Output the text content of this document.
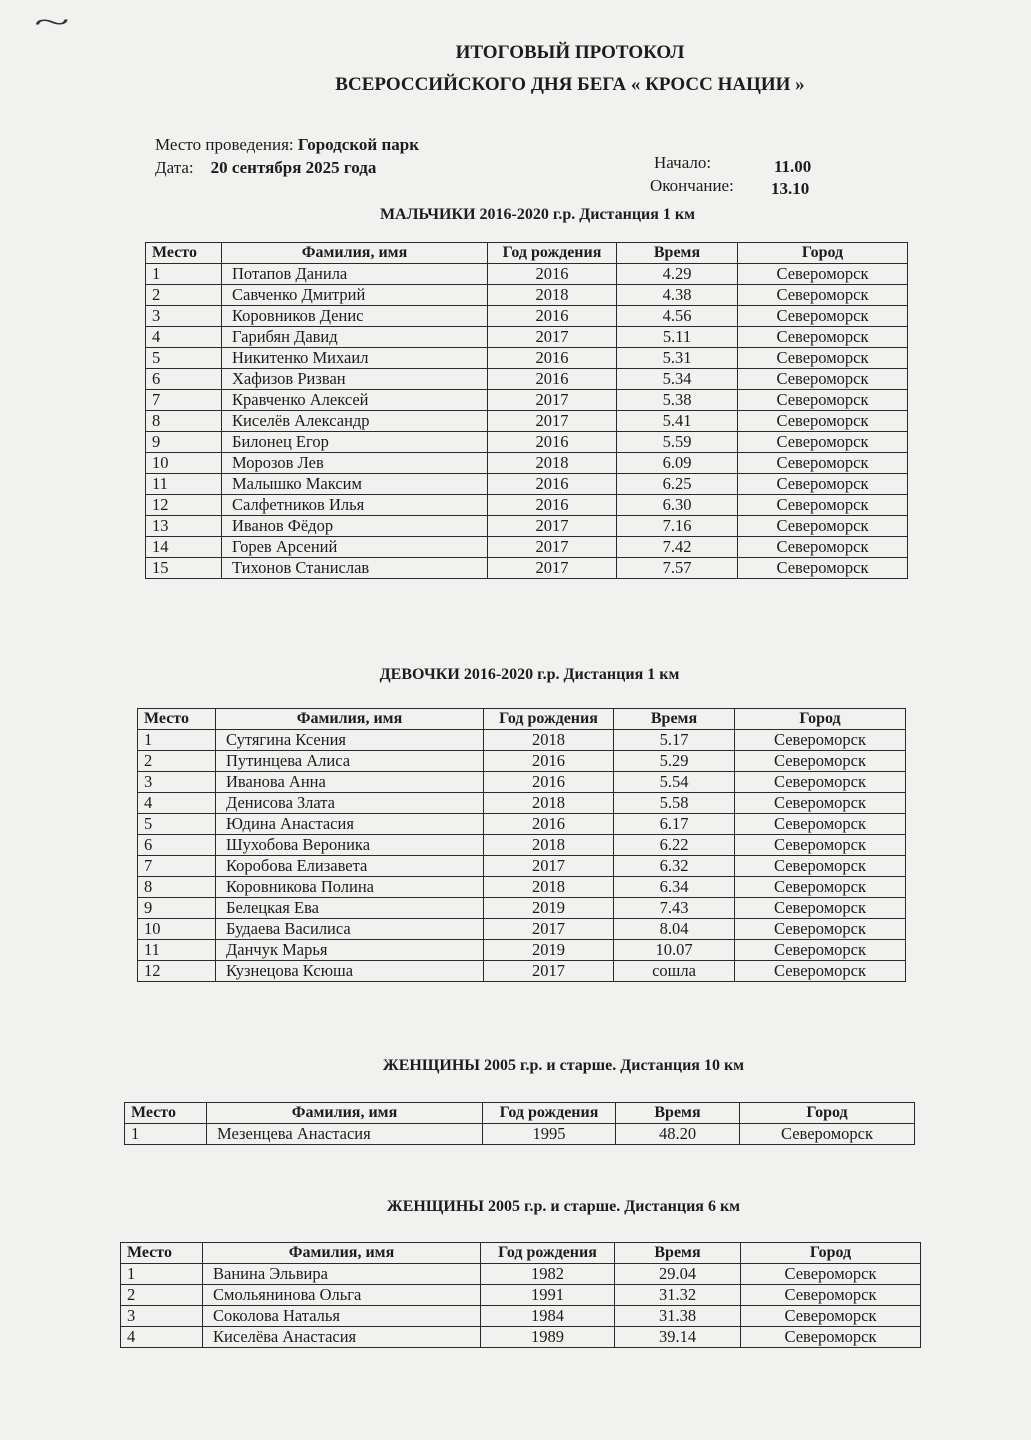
~
ИТОГОВЫЙ ПРОТОКОЛ
ВСЕРОССИЙСКОГО ДНЯ БЕГА « КРОСС НАЦИИ »
Место проведения: Городской парк
Дата: 20 сентября 2025 года	Начало:	11.00
Окончание: 13.10
МАЛЬЧИКИ 2016-2020 г.р. Дистанция 1 км
Место	Фамилия, имя	Год рождения	Время	Город
1	Потапов Данила	2016	4.29	Североморск
2	Савченко Дмитрий	2018	4.38	Североморск
3	Коровников Денис	2016	4.56	Североморск
4	Гарибян Давид	2017	5.11	Североморск
5	Никитенко Михаил	2016	5.31	Североморск
6	Хафизов Ризван	2016	5.34	Североморск
7	Кравченко Алексей	2017	5.38	Североморск
8	Киселёв Александр	2017	5.41	Североморск
9	Билонец Егор	2016	5.59	Североморск
10	Морозов Лев	2018	6.09	Североморск
11	Малышко Максим	2016	6.25	Североморск
12	Салфетников Илья	2016	6.30	Североморск
13	Иванов Фёдор	2017	7.16	Североморск
14	Горев Арсений	2017	7.42	Североморск
15	Тихонов Станислав	2017	7.57	Североморск
ДЕВОЧКИ 2016-2020 г.р. Дистанция 1 км
Место	Фамилия, имя	Год рождения	Время	Город
1	Сутягина Ксения	2018	5.17	Североморск
2	Путинцева Алиса	2016	5.29	Североморск
3	Иванова Анна	2016	5.54	Североморск
4	Денисова Злата	2018	5.58	Североморск
5	Юдина Анастасия	2016	6.17	Североморск
6	Шухобова Вероника	2018	6.22	Североморск
7	Коробова Елизавета	2017	6.32	Североморск
8	Коровникова Полина	2018	6.34	Североморск
9	Белецкая Ева	2019	7.43	Североморск
10	Будаева Василиса	2017	8.04	Североморск
11	Данчук Марья	2019	10.07	Североморск
12	Кузнецова Ксюша	2017	сошла	Североморск
ЖЕНЩИНЫ 2005 г.р. и старше. Дистанция 10 км
Место	Фамилия, имя	Год рождения	Время	Город
1	Мезенцева Анастасия	1995	48.20	Североморск
ЖЕНЩИНЫ 2005 г.р. и старше. Дистанция 6 км
Место	Фамилия, имя	Год рождения	Время	Город
1	Ванина Эльвира	1982	29.04	Североморск
2	Смольянинова Ольга	1991	31.32	Североморск
3	Соколова Наталья	1984	31.38	Североморск
4	Киселёва Анастасия	1989	39.14	Североморск
